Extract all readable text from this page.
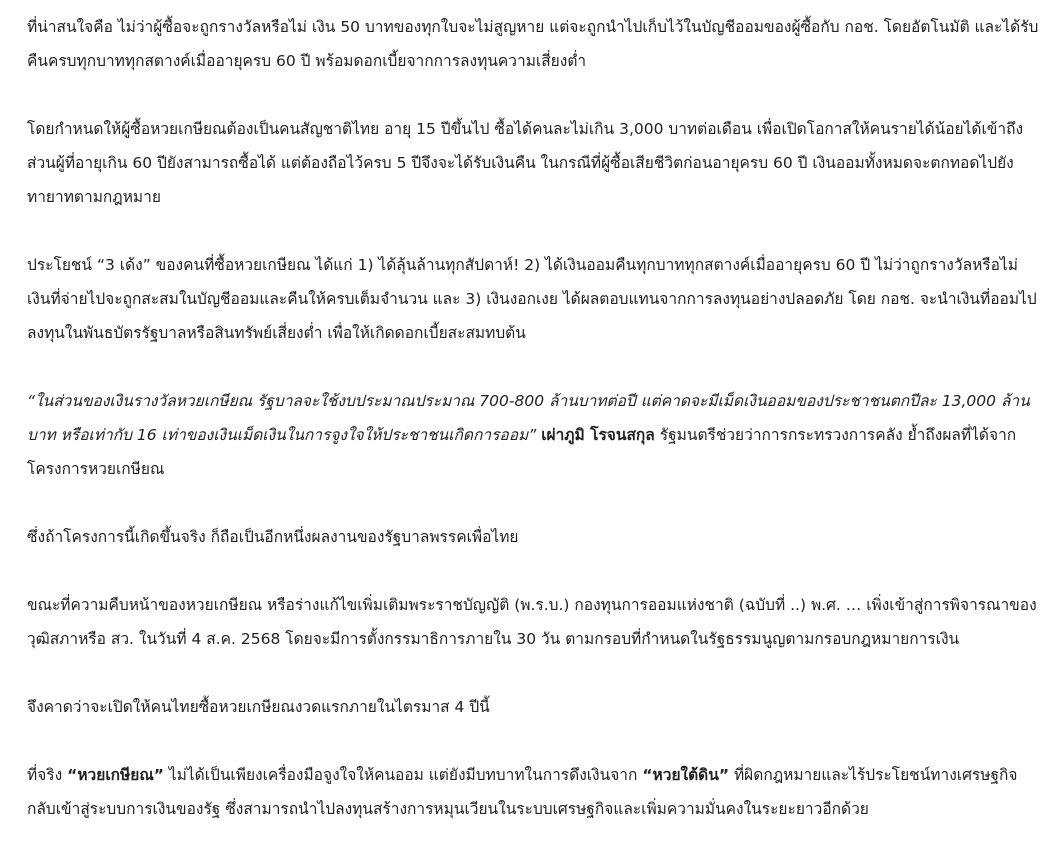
ที่น่าสนใจคือ ไม่ว่าผู้ซื้อจะถูกรางวัลหรือไม่ เงิน 50 บาทของทุกใบจะไม่สูญหาย แต่จะถูกนำไปเก็บไว้ในบัญชีออมของผู้ซื้อกับ กอช. โดยอัตโนมัติ และได้รับคืนครบทุกบาททุกสตางค์เมื่ออายุครบ 60 ปี พร้อมดอกเบี้ยจากการลงทุนความเสี่ยงต่ำ

โดยกำหนดให้ผู้ซื้อหวยเกษียณต้องเป็นคนสัญชาติไทย อายุ 15 ปีขึ้นไป ซื้อได้คนละไม่เกิน 3,000 บาทต่อเดือน เพื่อเปิดโอกาสให้คนรายได้น้อยได้เข้าถึง ส่วนผู้ที่อายุเกิน 60 ปียังสามารถซื้อได้ แต่ต้องถือไว้ครบ 5 ปีจึงจะได้รับเงินคืน ในกรณีที่ผู้ซื้อเสียชีวิตก่อนอายุครบ 60 ปี เงินออมทั้งหมดจะตกทอดไปยังทายาทตามกฎหมาย

ประโยชน์ “3 เด้ง” ของคนที่ซื้อหวยเกษียณ ได้แก่ 1) ได้ลุ้นล้านทุกสัปดาห์! 2) ได้เงินออมคืนทุกบาททุกสตางค์เมื่ออายุครบ 60 ปี ไม่ว่าถูกรางวัลหรือไม่ เงินที่จ่ายไปจะถูกสะสมในบัญชีออมและคืนให้ครบเต็มจำนวน และ 3) เงินงอกเงย ได้ผลตอบแทนจากการลงทุนอย่างปลอดภัย โดย กอช. จะนำเงินที่ออมไปลงทุนในพันธบัตรรัฐบาลหรือสินทรัพย์เสี่ยงต่ำ เพื่อให้เกิดดอกเบี้ยสะสมทบต้น

“ในส่วนของเงินรางวัลหวยเกษียณ รัฐบาลจะใช้งบประมาณประมาณ 700-800 ล้านบาทต่อปี แต่คาดจะมีเม็ดเงินออมของประชาชนตกปีละ 13,000 ล้านบาท หรือเท่ากับ 16 เท่าของเงินเม็ดเงินในการจูงใจให้ประชาชนเกิดการออม” เผ่าภูมิ โรจนสกุล รัฐมนตรีช่วยว่าการกระทรวงการคลัง ย้ำถึงผลที่ได้จากโครงการหวยเกษียณ

ซึ่งถ้าโครงการนี้เกิดขึ้นจริง ก็ถือเป็นอีกหนึ่งผลงานของรัฐบาลพรรคเพื่อไทย

ขณะที่ความคืบหน้าของหวยเกษียณ หรือร่างแก้ไขเพิ่มเติมพระราชบัญญัติ (พ.ร.บ.) กองทุนการออมแห่งชาติ (ฉบับที่ ..) พ.ศ. … เพิ่งเข้าสู่การพิจารณาของวุฒิสภาหรือ สว. ในวันที่ 4 ส.ค. 2568 โดยจะมีการตั้งกรรมาธิการภายใน 30 วัน ตามกรอบที่กำหนดในรัฐธรรมนูญตามกรอบกฎหมายการเงิน

จึงคาดว่าจะเปิดให้คนไทยซื้อหวยเกษียณงวดแรกภายในไตรมาส 4 ปีนี้

ที่จริง “หวยเกษียณ” ไม่ได้เป็นเพียงเครื่องมือจูงใจให้คนออม แต่ยังมีบทบาทในการดึงเงินจาก “หวยใต้ดิน” ที่ผิดกฎหมายและไร้ประโยชน์ทางเศรษฐกิจกลับเข้าสู่ระบบการเงินของรัฐ ซึ่งสามารถนำไปลงทุนสร้างการหมุนเวียนในระบบเศรษฐกิจและเพิ่มความมั่นคงในระยะยาวอีกด้วย
